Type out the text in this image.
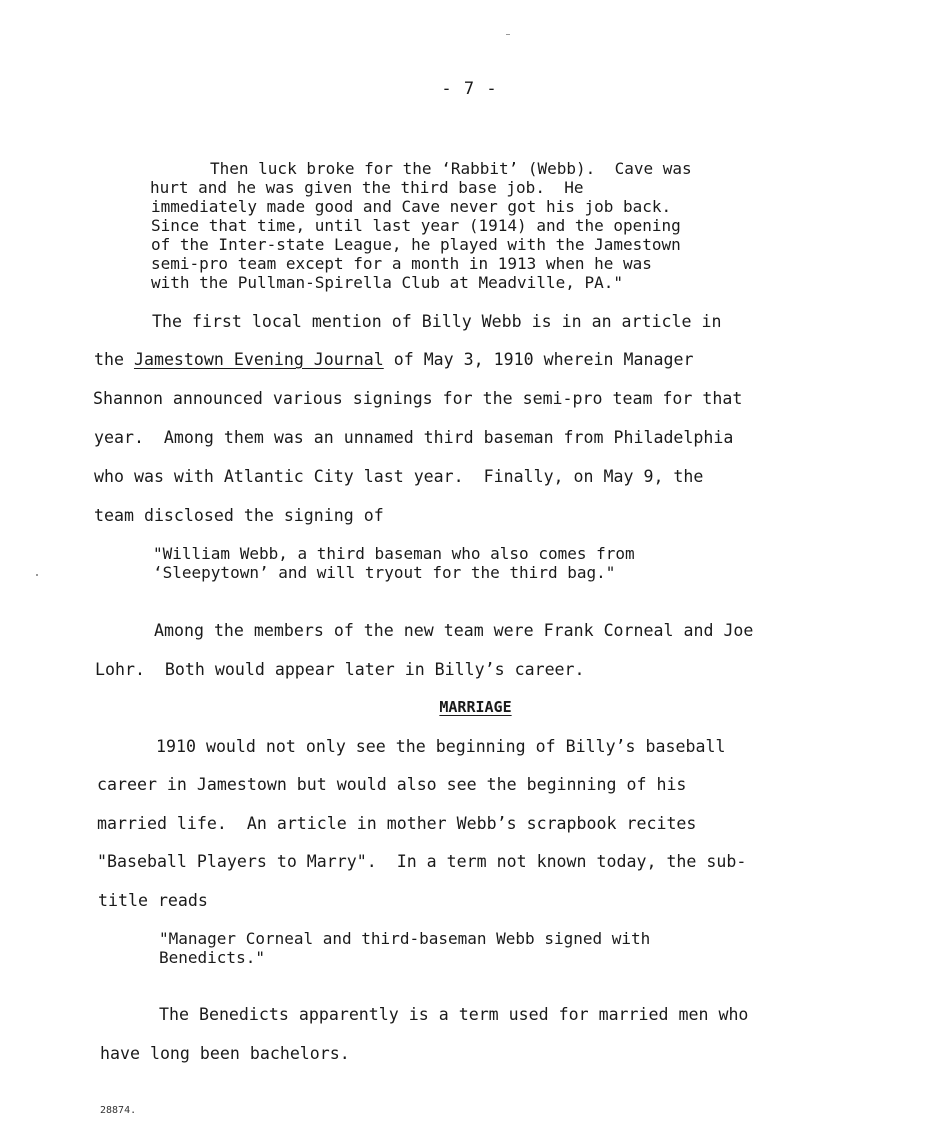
- 7 -
Then luck broke for the ‘Rabbit’ (Webb).  Cave was
hurt and he was given the third base job.  He
immediately made good and Cave never got his job back.
Since that time, until last year (1914) and the opening
of the Inter-state League, he played with the Jamestown
semi-pro team except for a month in 1913 when he was
with the Pullman-Spirella Club at Meadville, PA."
The first local mention of Billy Webb is in an article in
the Jamestown Evening Journal of May 3, 1910 wherein Manager
Shannon announced various signings for the semi-pro team for that
year.  Among them was an unnamed third baseman from Philadelphia
who was with Atlantic City last year.  Finally, on May 9, the
team disclosed the signing of
"William Webb, a third baseman who also comes from
‘Sleepytown’ and will tryout for the third bag."
Among the members of the new team were Frank Corneal and Joe
Lohr.  Both would appear later in Billy’s career.
MARRIAGE
1910 would not only see the beginning of Billy’s baseball
career in Jamestown but would also see the beginning of his
married life.  An article in mother Webb’s scrapbook recites
"Baseball Players to Marry".  In a term not known today, the sub-
title reads
"Manager Corneal and third-baseman Webb signed with
Benedicts."
The Benedicts apparently is a term used for married men who
have long been bachelors.
28874.
